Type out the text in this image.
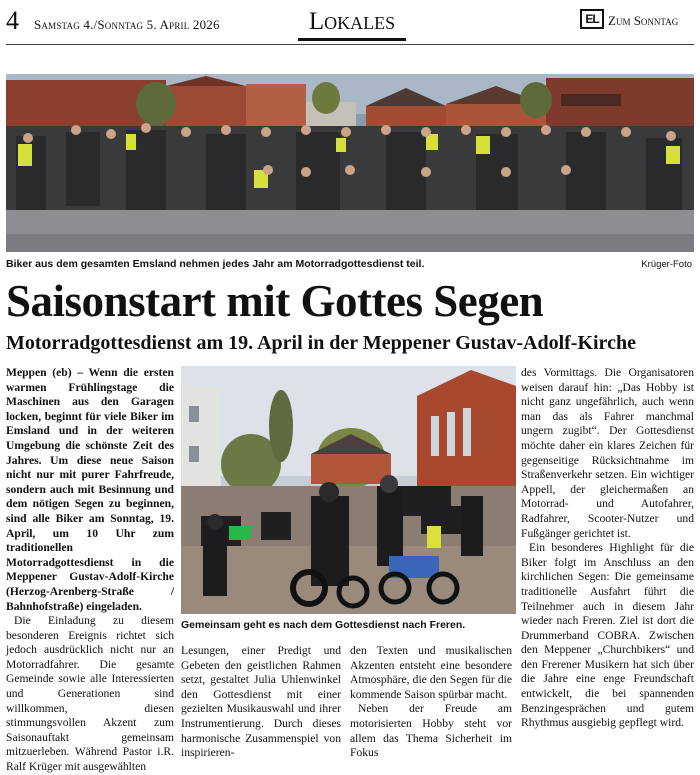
4 Samstag 4./Sonntag 5. April 2026	Lokales	EL Zum Sonntag
Biker aus dem gesamten Emsland nehmen jedes Jahr am Motorradgottesdienst teil.	Krüger-Foto
Saisonstart mit Gottes Segen
Motorradgottesdienst am 19. April in der Meppener Gustav-Adolf-Kirche

Meppen (eb) – Wenn die ersten warmen Frühlingstage die Maschinen aus den Garagen locken, beginnt für viele Biker im Emsland und in der weiteren Umgebung die schönste Zeit des Jahres. Um diese neue Saison nicht nur mit purer Fahrfreude, sondern auch mit Besinnung und dem nötigen Segen zu beginnen, sind alle Biker am Sonntag, 19. April, um 10 Uhr zum traditionellen Motorradgottesdienst in die Meppener Gustav-Adolf-Kirche (Herzog-Arenberg-Straße / Bahnhofstraße) eingeladen.

Die Einladung zu diesem besonderen Ereignis richtet sich jedoch ausdrücklich nicht nur an Motorradfahrer. Die gesamte Gemeinde sowie alle Interessierten und Generationen sind willkommen, diesen stimmungsvollen Akzent zum Saisonauftakt gemeinsam mitzuerleben. Während Pastor i.R. Ralf Krüger mit ausgewählten

Gemeinsam geht es nach dem Gottesdienst nach Freren.

Lesungen, einer Predigt und Gebeten den geistlichen Rahmen setzt, gestaltet Julia Uhlenwinkel den Gottesdienst mit einer gezielten Musikauswahl und ihrer Instrumentierung. Durch dieses harmonische Zusammenspiel von inspirieren-

den Texten und musikalischen Akzenten entsteht eine besondere Atmosphäre, die den Segen für die kommende Saison spürbar macht.

Neben der Freude am motorisierten Hobby steht vor allem das Thema Sicherheit im Fokus

des Vormittags. Die Organisatoren weisen darauf hin: „Das Hobby ist nicht ganz ungefährlich, auch wenn man das als Fahrer manchmal ungern zugibt“. Der Gottesdienst möchte daher ein klares Zeichen für gegenseitige Rücksichtnahme im Straßenverkehr setzen. Ein wichtiger Appell, der gleichermaßen an Motorrad- und Autofahrer, Radfahrer, Scooter-Nutzer und Fußgänger gerichtet ist.

Ein besonderes Highlight für die Biker folgt im Anschluss an den kirchlichen Segen: Die gemeinsame traditionelle Ausfahrt führt die Teilnehmer auch in diesem Jahr wieder nach Freren. Ziel ist dort die Drummerband COBRA. Zwischen den Meppener „Churchbikers“ und den Frerener Musikern hat sich über die Jahre eine enge Freundschaft entwickelt, die bei spannenden Benzingesprächen und gutem Rhythmus ausgiebig gepflegt wird.
